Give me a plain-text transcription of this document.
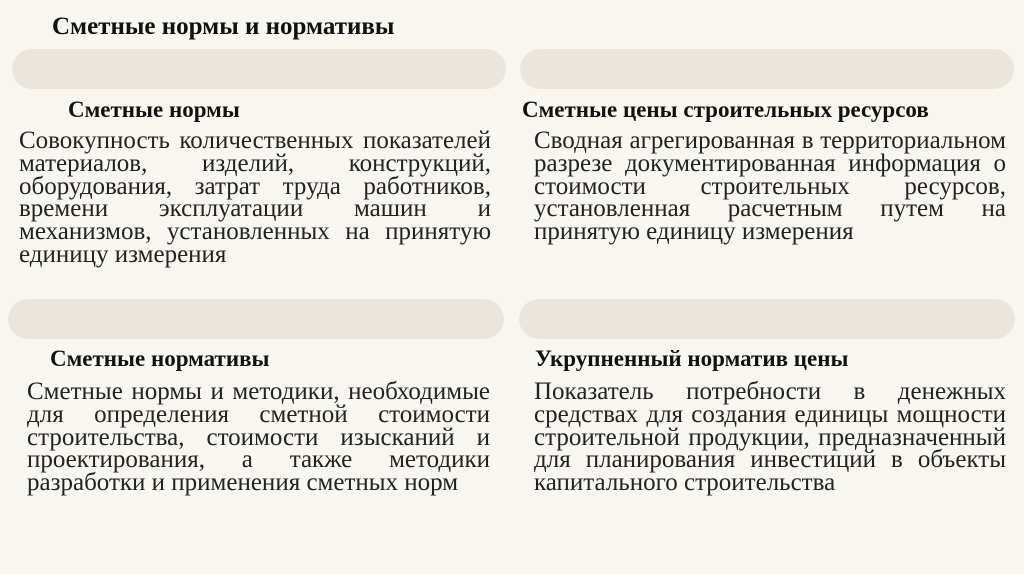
Сметные нормы и нормативы
Сметные нормы
Совокупность количественных показателей материалов, изделий, конструкций, оборудования, затрат труда работников, времени эксплуатации машин и механизмов, установленных на принятую единицу измерения
Сметные цены строительных ресурсов
Сводная агрегированная в территориальном разрезе документированная информация о стоимости строительных ресурсов, установленная расчетным путем на принятую единицу измерения
Сметные нормативы
Сметные нормы и методики, необходимые для определения сметной стоимости строительства, стоимости изысканий и проектирования, а также методики разработки и применения сметных норм
Укрупненный норматив цены
Показатель потребности в денежных средствах для создания единицы мощности строительной продукции, предназначенный для планирования инвестиций в объекты капитального строительства
